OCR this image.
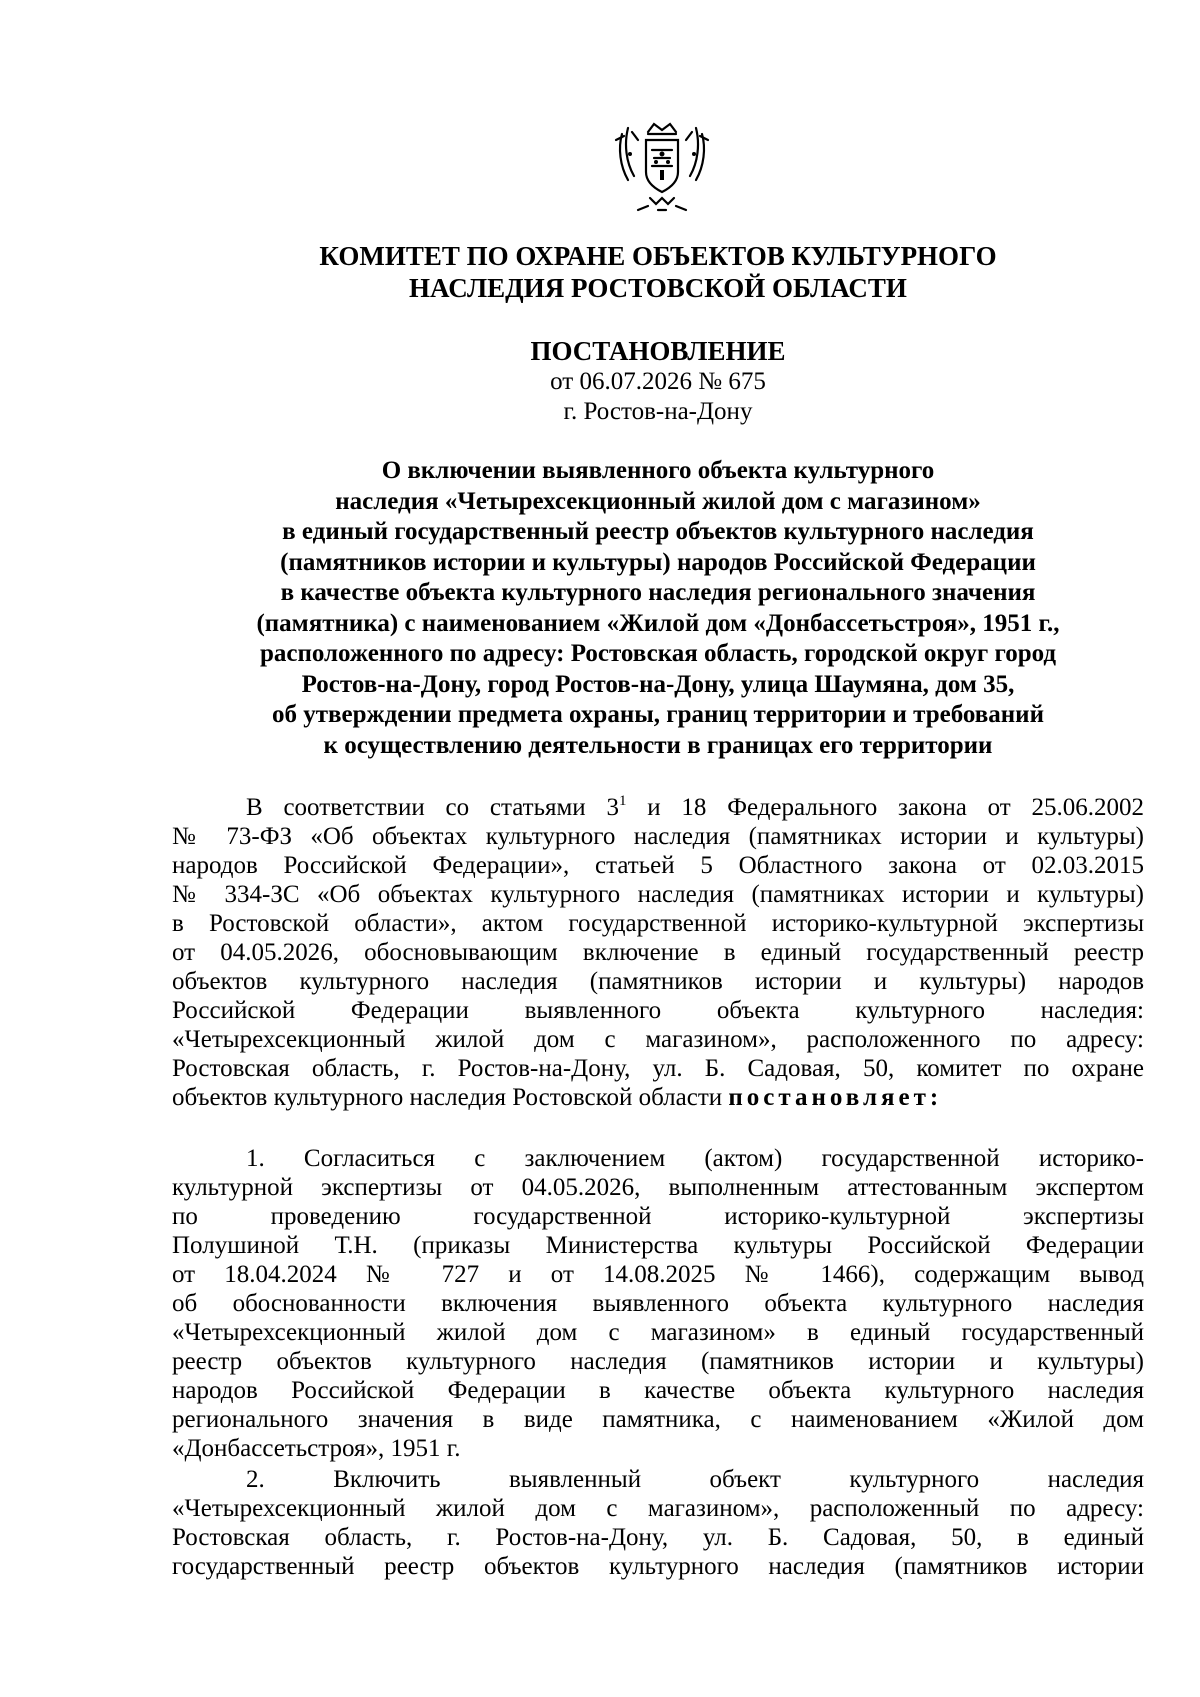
КОМИТЕТ ПО ОХРАНЕ ОБЪЕКТОВ КУЛЬТУРНОГО
НАСЛЕДИЯ РОСТОВСКОЙ ОБЛАСТИ
ПОСТАНОВЛЕНИЕ
от 06.07.2026 № 675
г. Ростов-на-Дону
О включении выявленного объекта культурного
наследия «Четырехсекционный жилой дом с магазином»
в единый государственный реестр объектов культурного наследия
(памятников истории и культуры) народов Российской Федерации
в качестве объекта культурного наследия регионального значения
(памятника) с наименованием «Жилой дом «Донбассетьстроя», 1951 г.,
расположенного по адресу: Ростовская область, городской округ город
Ростов-на-Дону, город Ростов-на-Дону, улица Шаумяна, дом 35,
об утверждении предмета охраны, границ территории и требований
к осуществлению деятельности в границах его территории
В соответствии со статьями $3^1$ и 18 Федерального закона от 25.06.2002
№ 73-ФЗ «Об объектах культурного наследия (памятниках истории и культуры)
народов Российской Федерации», статьей 5 Областного закона от 02.03.2015
№ 334-ЗС «Об объектах культурного наследия (памятниках истории и культуры)
в Ростовской области», актом государственной историко-культурной экспертизы
от 04.05.2026, обосновывающим включение в единый государственный реестр
объектов культурного наследия (памятников истории и культуры) народов
Российской Федерации выявленного объекта культурного наследия:
«Четырехсекционный жилой дом с магазином», расположенного по адресу:
Ростовская область, г. Ростов-на-Дону, ул. Б. Садовая, 50, комитет по охране
объектов культурного наследия Ростовской области постановляет:
1. Согласиться с заключением (актом) государственной историко-
культурной экспертизы от 04.05.2026, выполненным аттестованным экспертом
по проведению государственной историко-культурной экспертизы
Полушиной Т.Н. (приказы Министерства культуры Российской Федерации
от 18.04.2024 № 727 и от 14.08.2025 № 1466), содержащим вывод
об обоснованности включения выявленного объекта культурного наследия
«Четырехсекционный жилой дом с магазином» в единый государственный
реестр объектов культурного наследия (памятников истории и культуры)
народов Российской Федерации в качестве объекта культурного наследия
регионального значения в виде памятника, с наименованием «Жилой дом
«Донбассетьстроя», 1951 г.
2. Включить выявленный объект культурного наследия
«Четырехсекционный жилой дом с магазином», расположенный по адресу:
Ростовская область, г. Ростов-на-Дону, ул. Б. Садовая, 50, в единый
государственный реестр объектов культурного наследия (памятников истории
